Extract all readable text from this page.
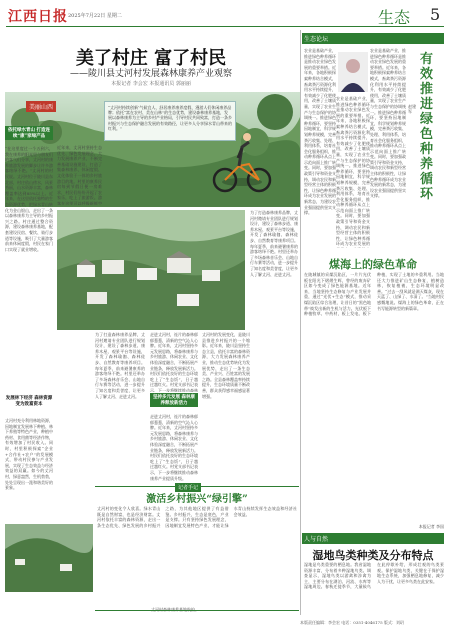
江西日报 2025年7月22日 星期二	生态 5
美了村庄 富了村民
——陵川县丈河村发展森林康养产业观察
本报记者 李会宏 本报通讯员 郭丽丽
“丈河村持续创新‘气候宜人、舒居康养康养度假、漫游人们休闲康养品牌；依托“富在农村、美在山林”的生态优势，建设森林康养基地，发展以森林康养为主导的乡村产业格局，引导村民共同致富，打造一条乡村振兴与生态保护融合发展的有效路径，让更多人分享绿水青山带来的红利。”
美丽山西
依托绿水青山 打造连续“康”家绿产品
“在这里度过一个五到六，我在康养的阳光里与朋友们的客气们分享，丈河村的康养旅游发展的脚步让许多游客络绎不绝。”丈河村的村民说。丈河村位于陵川县东北部，村庄依山傍水，风景秀丽，山水资源丰富，森林覆盖率达到85%以上。近年来，在这里依托独特的生态资源优势，把绿水青山转化为金山银山，走出了一条以森林康养为主导的乡村振兴之路。村庄通过整合资源，建设森林康养基地，配套建设民宿、餐饮、骑行步道等设施，吸引了大量游客前来休闲度假，村民在家门口实现了就业增收。
发展林下经济 森林资源变为致富资本
丈河村充分利用林地资源，因地制宜发展林下种植、林下养殖等特色产业，种植中药材、食用菌等经济作物，有效增加了村民收入。同时，村里积极探索“企业+合作社+农户”的发展模式，带动村民参与产业发展，实现了生态效益与经济效益的双赢。如今的丈河村，绿意盎然，生机勃勃，处处呈现出一派和谐美好的景象。
近年来，丈河村坚持生态优先、绿色发展理念，大力发展康养产业，不断完善基础设施建设，打造了集森林康养、休闲度假、文化体验于一体的乡村旅游目的地。村里的康养民宿每到节假日便一房难求，村民们纷纷开起了农家乐，吃上了旅游饭。游客在这里可以呼吸新鲜空
为了打造森林康养品牌，丈河村邀请专业团队进行规划设计，建设了森林步道、康养木屋、观景平台等设施，开发了森林瑜伽、森林徒步、自然教育等康养项目。每年夏季，前来避暑康养的游客络绎不绝。村里还举办了多场森林音乐会、山地自行车赛等活动，进一步提升了知名度和美誉度，让更多人了解丈河、走进丈河。	坚持多元发展 森林康养释放新活力
走进丈河村，连片的森林郁郁葱葱，清新的空气沁人心脾。近年来，丈河村坚持多元发展思路，将森林康养与乡村旅游、休闲农业、文化体验深度融合，不断拓展产业链条，释放发展新活力。村民们依托良好的生态环境吃上了“生态饭”，日子越过越红火。村党支部书记表示，下一步将继续推动森林
走进丈河村，连片的森林郁郁葱葱，清新的空气沁人心脾。近年来，丈河村坚持多元发展思路，将森林康养与乡村旅游、休闲农业、文化体验深度融合，不断拓展产业链条，释放发展新活力。村民们依托良好的生态环境吃上了“生态饭”，日子越过越红火。村党支部书记表示，下一步将继续推动森林康养产业提质升级。
丈河村的发展变化，是陵川县推进乡村振兴的一个缩影。近年来，陵川县坚持生态立县，依托丰富的森林资源，大力发展森林康养产业，推动生态优势转化为发展优势，走出了一条生态美、产业兴、百姓富的发展之路。全县森林覆盖率持续提升，生态环境质量不断改善，群众获得感幸福感显著增强。
为了打造森林康养品牌，丈河村邀请专业团队进行规划设计，建设了森林步道、康养木屋、观景平台等设施，开发了森林瑜伽、森林徒步、自然教育等康养项目。每年夏季，前来避暑康养的游客络绎不绝。村里还举办了多场森林音乐会、山地自行车赛等活动，进一步提升了知名度和美誉度，让更多人了解丈河、走进丈河。
丈河村森林康养基地航拍。
记者手记
激活乡村振兴“绿引擎”
丈河村的变化令人欣喜。绿水青山既是自然财富，也是经济财富。丈河村依托丰富的森林资源，走出一条生态优先、绿色发展的乡村振兴之路，为其他地区提供了有益借鉴。乡村振兴，生态是底色，产业是支撑。只有坚持绿色发展理念，因地制宜发展特色产业，才能让绿水青山持续发挥生态效益和经济社会效益。
生态论坛
有效推进绿色种养循环
赵建军
农业是基础产业，推进绿色种养循环是推动农业绿色发展的重要举措。近年来，各地积极探索种养结合模式，畜禽粪污资源化利用水平持续提升，有效减少了化肥使用，改善了土壤质量，实现了农业生产与生态保护的协调统一。推进绿色种养循环，要坚持因地制宜，科学规划种养规模，完善粪污收集、处理、利用体系，培育社会化服务组织，推动种养循环从点上示范向面上推广转变。同时，要加强政策引导和资金支持，调动农民和新型经营主体的积极性，让绿色种养循环成为农业发展的新常态，为建设农业强国提供坚实支撑。
农业是基础产业，推进绿色种养循环是推动农业绿色发展的重要举措。近年来，各地积极探索种养结合模式，畜禽粪污资源化利用水平持续提升，有效减少了化肥使用，改善了土壤质量，实现了农业生产与生态保护的协调统一。推进绿色种养循环，要坚持因地制宜，科学规划种养规模，完善粪污收集、处理、利用体系，培育社会化服务组织，推动种养循环从点上示范向面上推广转变。同时，要加强政策引导和资金支持，调动农民和新型经营主体的积极性，让绿色种养循环成为农业发展的新常态，为建设农业强国提供坚实支撑。
农业是基础产业，推进绿色种养循环是推动农业绿色发展的重要举措。近年来，各地积极探索种养结合模式，畜禽粪污资源化利用水平持续提升，有效减少了化肥使用，改善了土壤质量，实现了农业生产与生态保护的协调统一。推进绿色种养循环，要坚持因地制宜，科学规划种养规模，完善粪污收集、处理、利用体系，培育社会化服务组织，推动种养循环从点上示范向面上推广转变。同时，要加强政策引导和资金支持，调动农民和新型经营主体的积极性，让绿色种养循环成为农业发展的
煤海上的绿色革命
在陵城镇的采煤沉陷区，一片片光伏板在阳光下熠熠生辉，曾经的废弃矿区如今变成了绿色能源基地。近年来，当地坚持生态修复与产业发展并重，通过“光伏+生态”模式，推动采煤沉陷区综合治理，让昔日的“黑色地带”焕发出新的生机与活力。光伏板下种植牧草、中药材，板上发电、板下种植，实现了土地的多重利用。当地还大力推进矿山生态修复，植树造林，恢复植被，生态环境明显改善。“过去一刮风就是满天煤灰，现在天蓝了、山绿了、水清了。”当地村民感慨地说。煤海上的绿色革命，正在书写能源转型的新篇章。
本报记者 李国
人与自然
湿地鸟类种类及分布特点
湿地是鸟类重要的栖息地。我省湿地资源丰富，分布着多种湿地鸟类。调查显示，湿地鸟类以游禽和涉禽为主，主要分布在湖泊、河流、水库等湿地周边。春秋迁徙季节，大量候鸟在此停歇补给，形成壮观的鸟类景观。保护湿地鸟类，关键在于保护湿地生态系统，加强栖息地修复，减少人为干扰，让更多鸟类在此安家。
本版责任编辑：李会宏 电话：0351-4046175 版式：刘玥
